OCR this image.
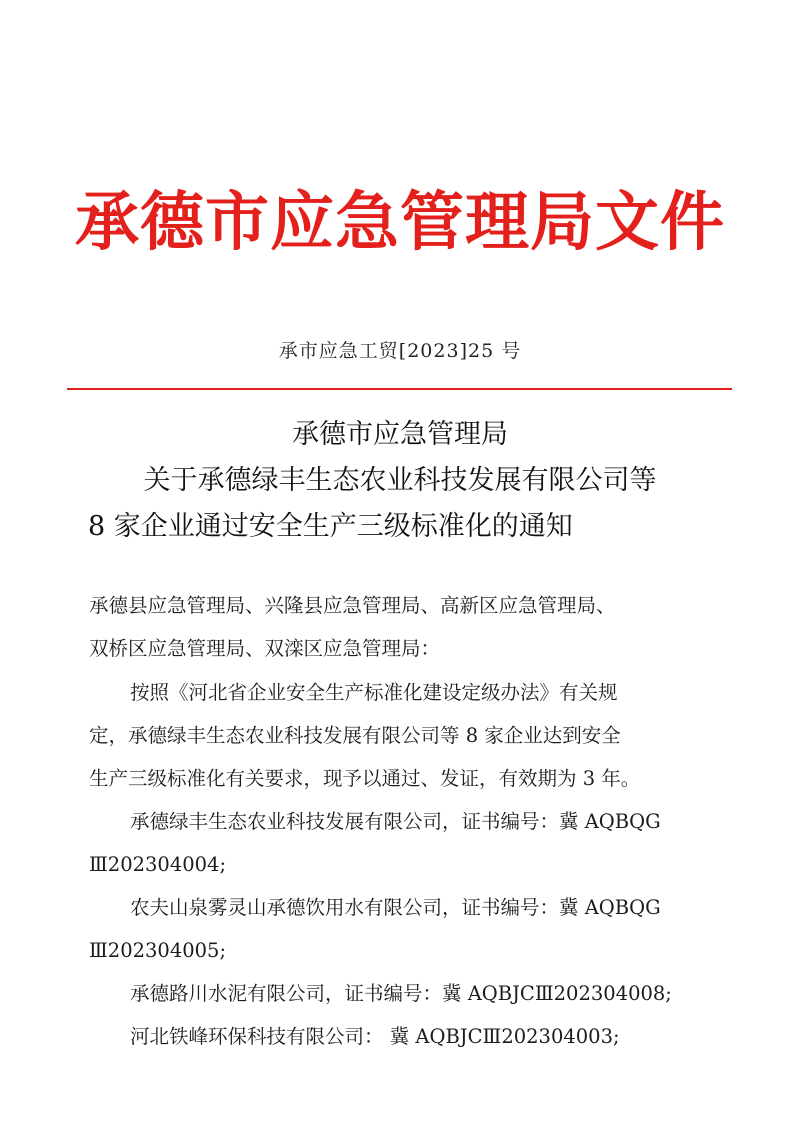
承德市应急管理局文件
承市应急工贸[2023]25 号
承德市应急管理局
关于承德绿丰生态农业科技发展有限公司等
8 家企业通过安全生产三级标准化的通知
承德县应急管理局、兴隆县应急管理局、高新区应急管理局、
双桥区应急管理局、双滦区应急管理局：
按照《河北省企业安全生产标准化建设定级办法》有关规
定，承德绿丰生态农业科技发展有限公司等 8 家企业达到安全
生产三级标准化有关要求，现予以通过、发证，有效期为 3 年。
承德绿丰生态农业科技发展有限公司，证书编号：冀 AQBQG
Ⅲ202304004;
农夫山泉雾灵山承德饮用水有限公司，证书编号：冀 AQBQG
Ⅲ202304005;
承德路川水泥有限公司，证书编号：冀 AQBJCⅢ202304008;
河北铁峰环保科技有限公司： 冀 AQBJCⅢ202304003;
